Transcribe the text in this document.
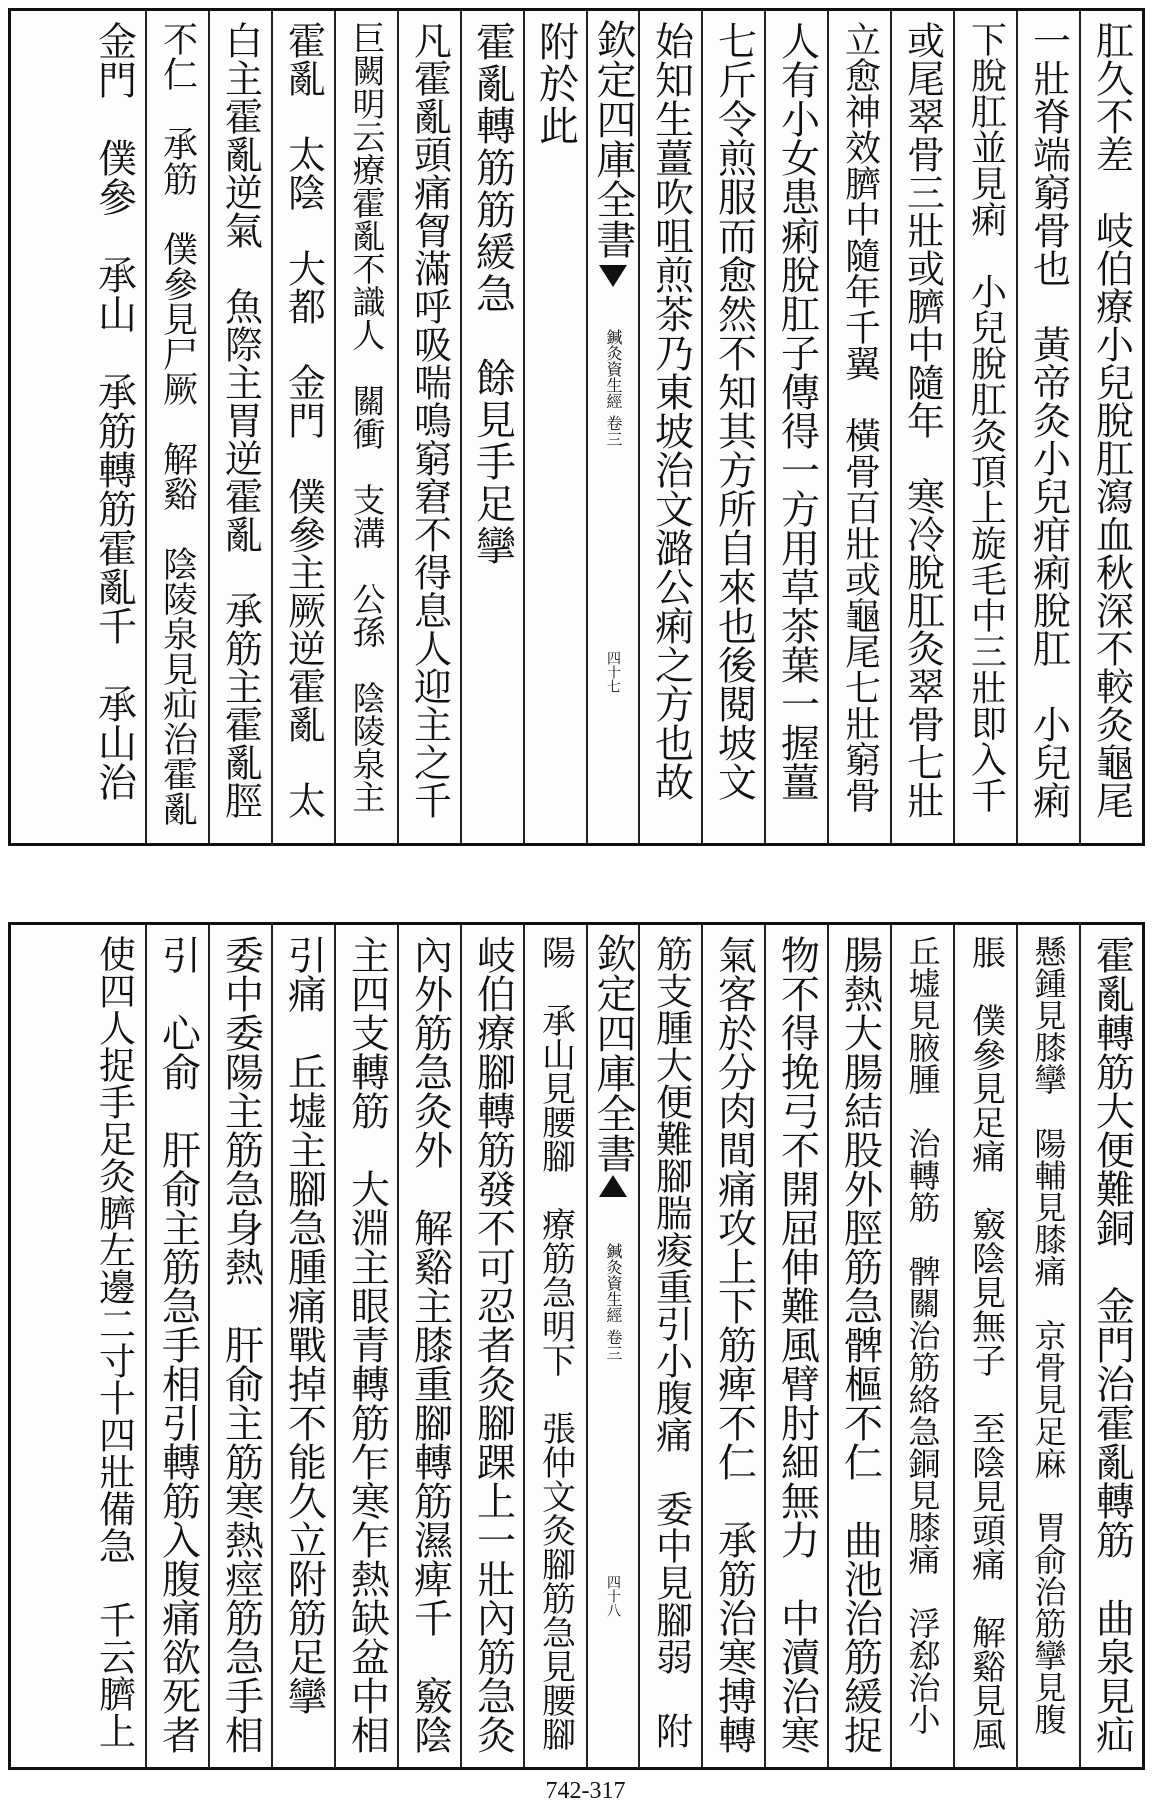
肛久不差　岐伯療小兒脫肛瀉血秋深不較灸龜尾
一壯脊端窮骨也　黃帝灸小兒疳痢脫肛　小兒痢
下脫肛並見痢　小兒脫肛灸頂上旋毛中三壯即入千
或尾翠骨三壯或臍中隨年　寒冷脫肛灸翠骨七壯
立愈神效臍中隨年千翼　橫骨百壯或龜尾七壯窮骨
人有小女患痢脫肛子傳得一方用草茶葉一握薑
七斤令煎服而愈然不知其方所自來也後閱坡文
始知生薑吹咀煎茶乃東坡治文潞公痢之方也故
欽定四庫全書
鍼灸資生經
卷三
四十七
附於此
霍亂轉筋筋緩急　餘見手足攣
凡霍亂頭痛胷滿呼吸喘鳴窮窘不得息人迎主之千
巨闕明云療霍亂不識人　關衝　支溝　公孫　陰陵泉主
霍亂　太陰　大都　金門　僕參主厥逆霍亂　太
白主霍亂逆氣　魚際主胃逆霍亂　承筋主霍亂脛
不仁　承筋　僕參見尸厥　解谿　陰陵泉見疝治霍亂
金門　僕參　承山　承筋轉筋霍亂千　承山治
霍亂轉筋大便難銅　金門治霍亂轉筋　曲泉見疝
懸鍾見膝攣　陽輔見膝痛　京骨見足麻　胃俞治筋攣見腹
脹　僕參見足痛　竅陰見無子　至陰見頭痛　解谿見風
丘墟見腋腫　治轉筋　髀關治筋絡急銅見膝痛　浮郄治小
腸熱大腸結股外脛筋急髀樞不仁　曲池治筋緩捉
物不得挽弓不開屈伸難風臂肘細無力　中瀆治寒
氣客於分肉間痛攻上下筋痺不仁　承筋治寒搏轉
筋支腫大便難腳腨痠重引小腹痛　委中見腳弱　附
欽定四庫全書
鍼灸資生經
卷三
四十八
陽　承山見腰腳　療筋急明下　張仲文灸腳筋急見腰腳
岐伯療腳轉筋發不可忍者灸腳踝上一壯內筋急灸
內外筋急灸外　解谿主膝重腳轉筋濕痺千　竅陰
主四支轉筋　大淵主眼青轉筋乍寒乍熱缺盆中相
引痛　丘墟主腳急腫痛戰掉不能久立附筋足攣
委中委陽主筋急身熱　肝俞主筋寒熱痙筋急手相
引　心俞　肝俞主筋急手相引轉筋入腹痛欲死者
使四人捉手足灸臍左邊二寸十四壯備急　千云臍上
742-317
